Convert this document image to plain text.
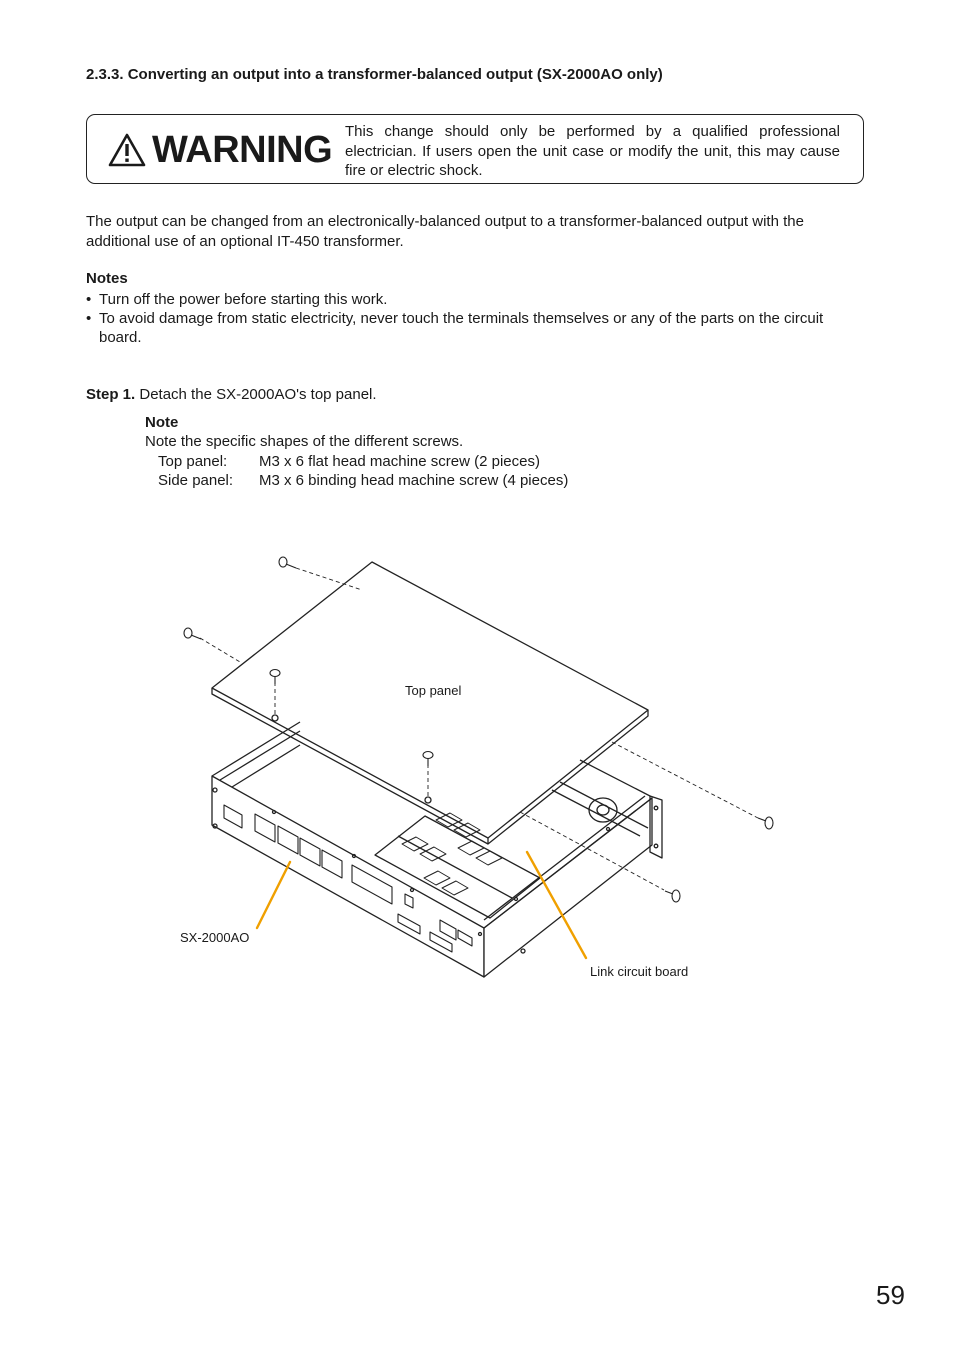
2.3.3. Converting an output into a transformer-balanced output (SX-2000AO only)
WARNING This change should only be performed by a qualified professional electrician. If users open the unit case or modify the unit, this may cause fire or electric shock.
The output can be changed from an electronically-balanced output to a transformer-balanced output with the additional use of an optional IT-450 transformer.
Notes
• Turn off the power before starting this work.
• To avoid damage from static electricity, never touch the terminals themselves or any of the parts on the circuit board.
Step 1. Detach the SX-2000AO's top panel.
Note
Note the specific shapes of the different screws.
Top panel: M3 x 6 flat head machine screw (2 pieces)
Side panel: M3 x 6 binding head machine screw (4 pieces)
Top panel
SX-2000AO
Link circuit board
59
